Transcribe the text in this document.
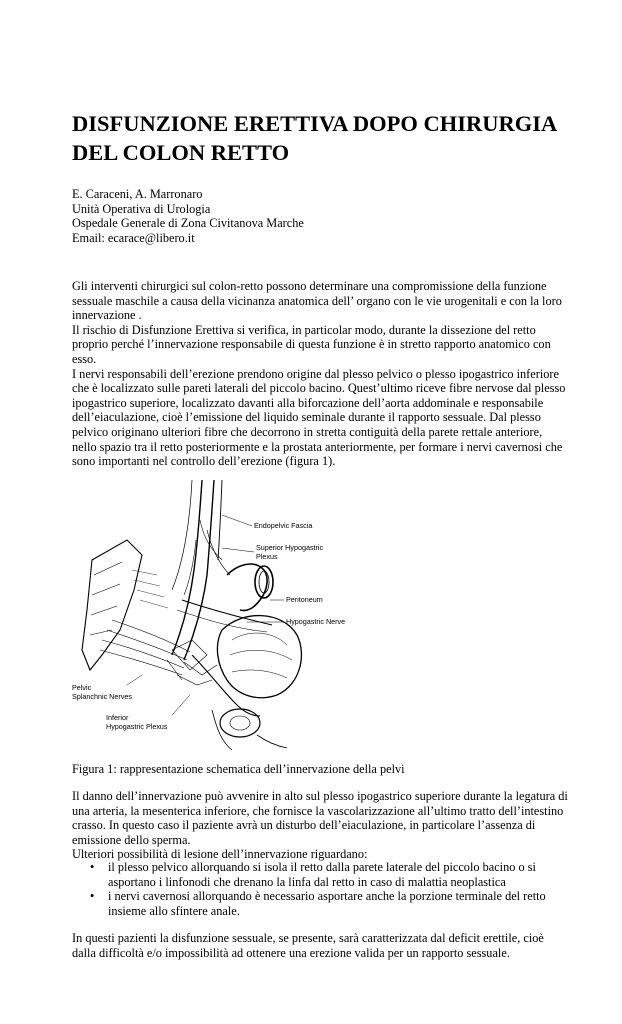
DISFUNZIONE ERETTIVA DOPO CHIRURGIA
DEL COLON RETTO
E. Caraceni, A. Marronaro
Unità Operativa di Urologia
Ospedale Generale di Zona Civitanova Marche
Email: ecarace@libero.it
Gli interventi chirurgici sul colon-retto possono determinare una compromissione della funzione
sessuale maschile a causa della vicinanza anatomica dell’ organo con le vie urogenitali e con la loro
innervazione .
Il rischio di Disfunzione Erettiva si verifica, in particolar modo, durante la dissezione del retto
proprio perché l’innervazione responsabile di questa funzione è in stretto rapporto anatomico con
esso.
I nervi responsabili dell’erezione prendono origine dal plesso pelvico o plesso ipogastrico inferiore
che è localizzato sulle pareti laterali del piccolo bacino. Quest’ultimo riceve fibre nervose dal plesso
ipogastrico superiore, localizzato davanti alla biforcazione dell’aorta addominale e responsabile
dell’eiaculazione, cioè l’emissione del liquido seminale durante il rapporto sessuale. Dal plesso
pelvico originano ulteriori fibre che decorrono in stretta contiguità della parete rettale anteriore,
nello spazio tra il retto posteriormente e la prostata anteriormente, per formare i nervi cavernosi che
sono importanti nel controllo dell’erezione (figura 1).
Endopelvic Fascia
Superior Hypogastric
Plexus
Peritoneum
Hypogastric Nerve
Pelvic
Splanchnic Nerves
Inferior
Hypogastric Plexus

Figura 1: rappresentazione schematica dell’innervazione della pelvi

Il danno dell’innervazione può avvenire in alto sul plesso ipogastrico superiore durante la legatura di
una arteria, la mesenterica inferiore, che fornisce la vascolarizzazione all’ultimo tratto dell’intestino
crasso. In questo caso il paziente avrà un disturbo dell’eiaculazione, in particolare l’assenza di
emissione dello sperma.
Ulteriori possibilità di lesione dell’innervazione riguardano:
• il plesso pelvico allorquando si isola il retto dalla parete laterale del piccolo bacino o si
asportano i linfonodi che drenano la linfa dal retto in caso di malattia neoplastica
• i nervi cavernosi allorquando è necessario asportare anche la porzione terminale del retto
insieme allo sfintere anale.
In questi pazienti la disfunzione sessuale, se presente, sarà caratterizzata dal deficit erettile, cioè
dalla difficoltà e/o impossibilità ad ottenere una erezione valida per un rapporto sessuale.
